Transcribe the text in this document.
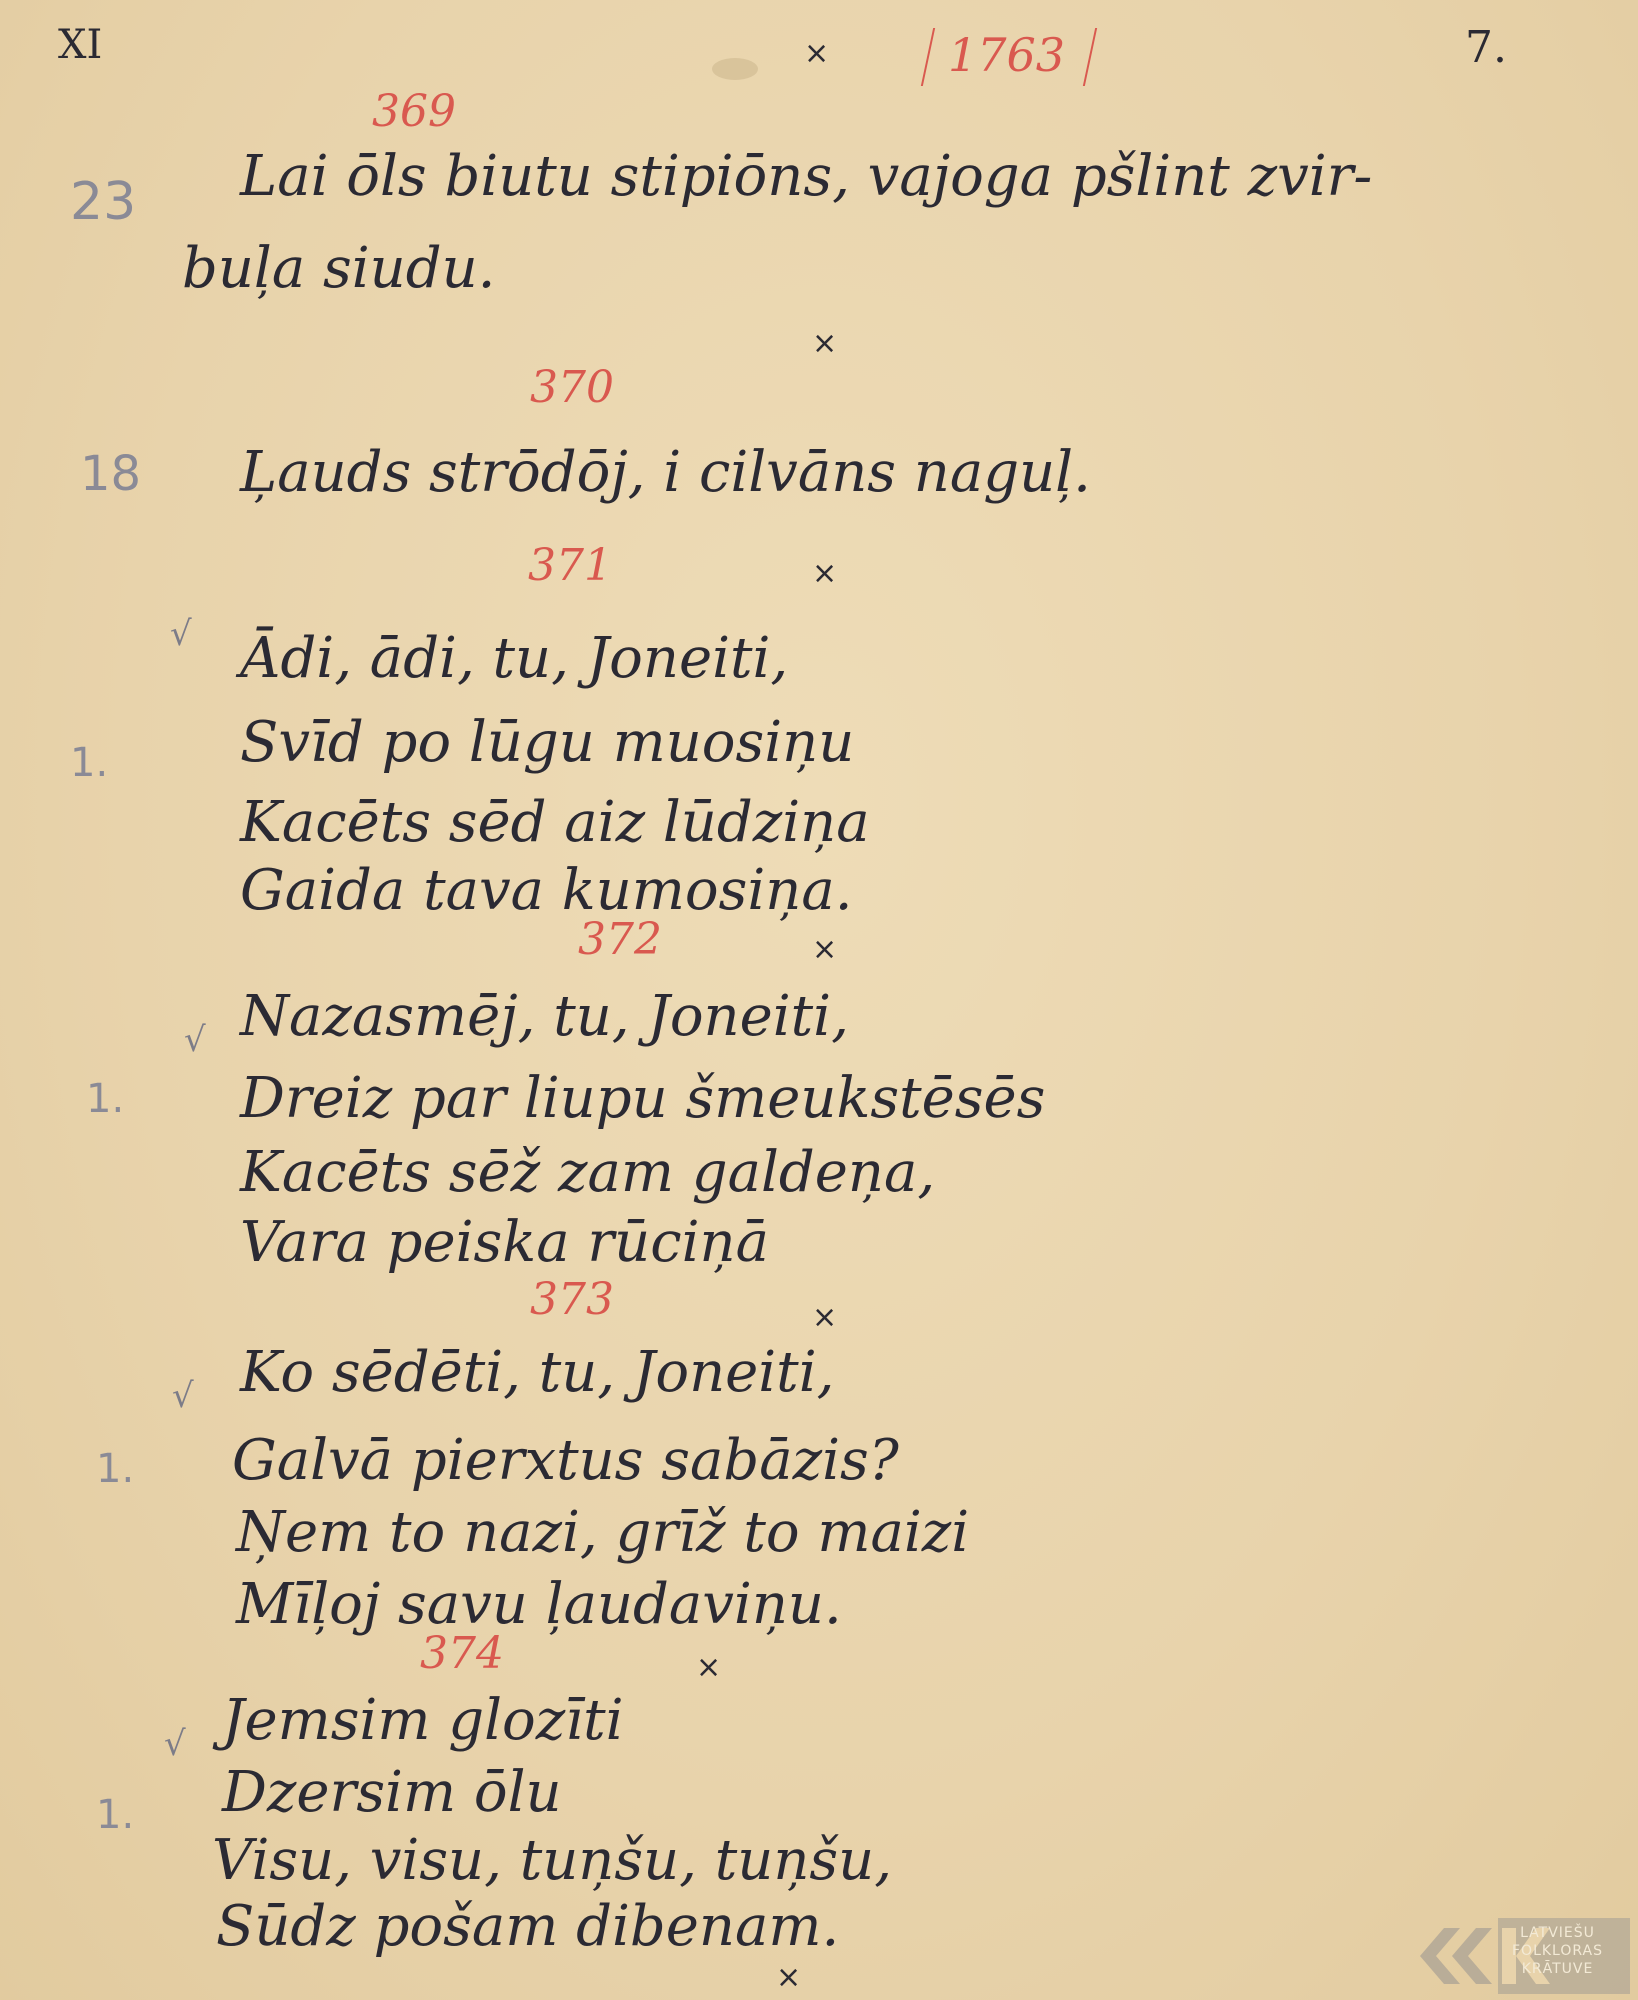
XI	×	1763	7.
369
23 Lai ōls biutu stipiōns, vajoga pšlint zvir-
buļa siudu.
×
370
18 Ļauds strōdōj, i cilvāns naguļ.
371	×
√
1.
Ādi, ādi, tu, Joneiti,
Svīd po lūgu muosiņu
Kacēts sēd aiz lūdziņa
Gaida tava kumosiņa.
372	×
√
1.
Nazasmēj, tu, Joneiti,
Dreiz par liupu šmeukstēsēs
Kacēts sēž zam galdeņa,
Vara peiska rūciņā
373	×
√
1.
Ko sēdēti, tu, Joneiti,
Galvā pierxtus sabāzis?
Ņem to nazi, grīž to maizi
Mīļoj savu ļaudaviņu.
374	×
√
1.
Jemsim glozīti
Dzersim ōlu
Visu, visu, tuņšu, tuņšu,
Sūdz pošam dibenam.
×
LATVIEŠU
FOLKLORAS
KRĀTUVE
